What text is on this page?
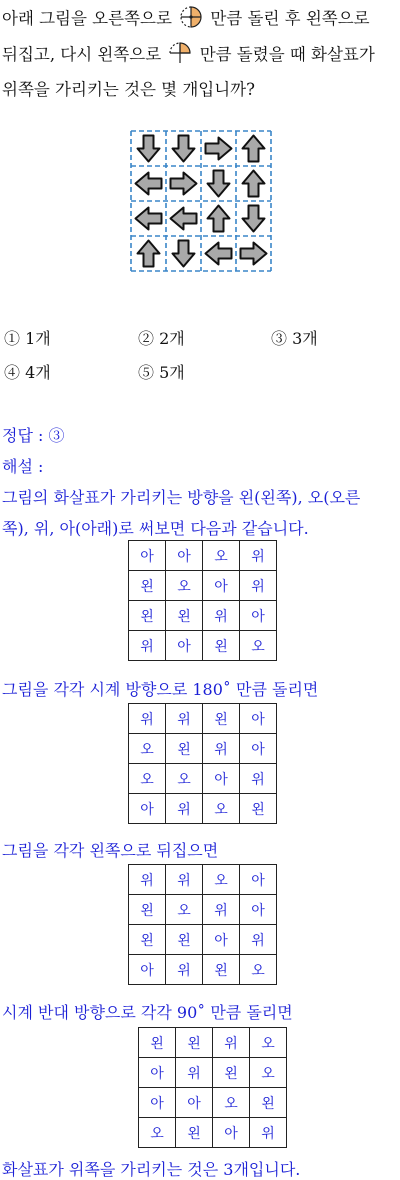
아래 그림을 오른쪽으로 만큼 돌린 후 왼쪽으로

뒤집고, 다시 왼쪽으로 만큼 돌렸을 때 화살표가

위쪽을 가리키는 것은 몇 개입니까?

① 1개	② 2개	③ 3개
④ 4개	⑤ 5개
정답 : ③
해설 :
그림의 화살표가 가리키는 방향을 왼(왼쪽), 오(오른
쪽), 위, 아(아래)로 써보면 다음과 같습니다.
아	아	오	위
왼	오	아	위
왼	왼	위	아
위	아	왼	오
그림을 각각 시계 방향으로 180˚ 만큼 돌리면
위	위	왼	아
오	왼	위	아
오	오	아	위
아	위	오	왼
그림을 각각 왼쪽으로 뒤집으면
위	위	오	아
왼	오	위	아
왼	왼	아	위
아	위	왼	오
시계 반대 방향으로 각각 90˚ 만큼 돌리면
왼	왼	위	오
아	위	왼	오
아	아	오	왼
오	왼	아	위
화살표가 위쪽을 가리키는 것은 3개입니다.
